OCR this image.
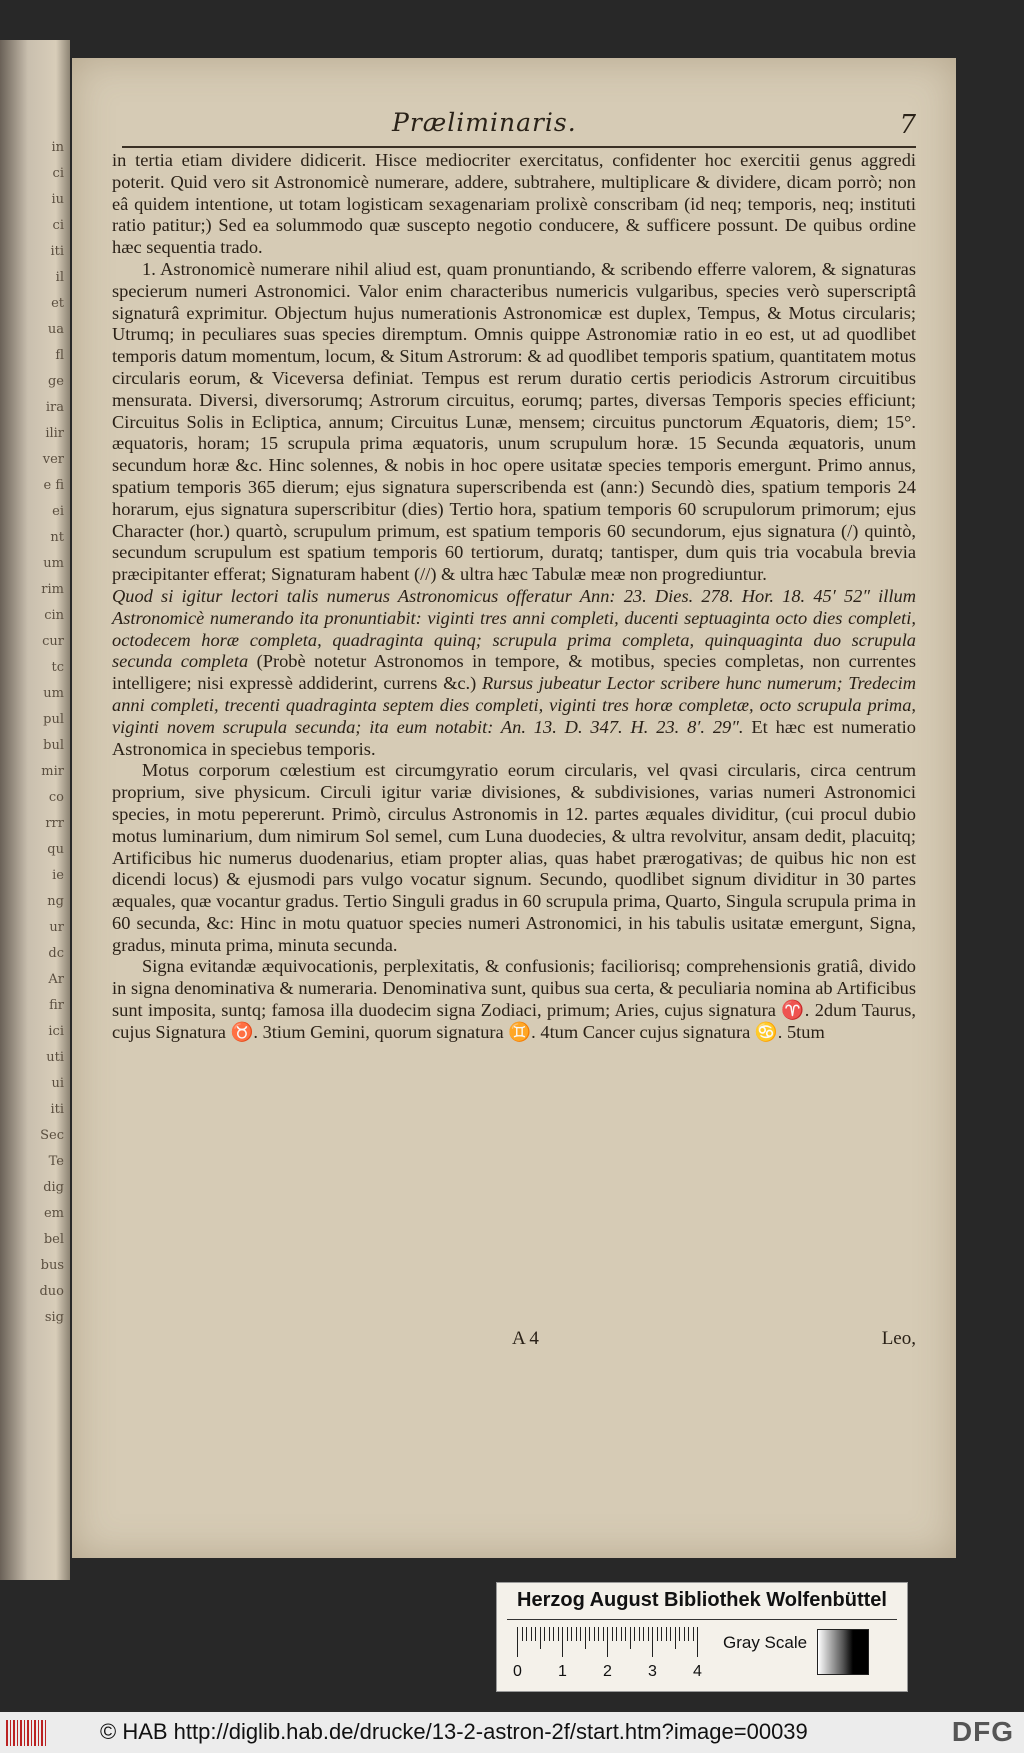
in
ci
iu
ci
iti
il
et
ua
fl
ge
ira
ilir
ver
e fi
ei
nt
um
rim
cin
cur
tc
um
pul
bul
mir
co
rrr
qu
ie
ng
ur
dc
Ar
fir
ici
uti
ui
iti
Sec
Te
dig
em
bel
bus
duo
sig
Præliminaris.	7

in tertia etiam dividere didicerit. Hisce mediocriter exercitatus, confidenter hoc exercitii genus aggredi poterit. Quid vero sit Astronomicè numerare, addere, subtrahere, multiplicare & dividere, dicam porrò; non eâ quidem intentione, ut totam logisticam sexagenariam prolixè conscribam (id neq; temporis, neq; instituti ratio patitur;) Sed ea solummodo quæ suscepto negotio conducere, & sufficere possunt. De quibus ordine hæc sequentia trado.

1. Astronomicè numerare nihil aliud est, quam pronuntiando, & scribendo efferre valorem, & signaturas specierum numeri Astronomici. Valor enim characteribus numericis vulgaribus, species verò superscriptâ signaturâ exprimitur. Objectum hujus numerationis Astronomicæ est duplex, Tempus, & Motus circularis; Utrumq; in peculiares suas species diremptum. Omnis quippe Astronomiæ ratio in eo est, ut ad quodlibet temporis datum momentum, locum, & Situm Astrorum: & ad quodlibet temporis spatium, quantitatem motus circularis eorum, & Viceversa definiat. Tempus est rerum duratio certis periodicis Astrorum circuitibus mensurata. Diversi, diversorumq; Astrorum circuitus, eorumq; partes, diversas Temporis species efficiunt; Circuitus Solis in Ecliptica, annum; Circuitus Lunæ, mensem; circuitus punctorum Æquatoris, diem; 15°. æquatoris, horam; 15 scrupula prima æquatoris, unum scrupulum horæ. 15 Secunda æquatoris, unum secundum horæ &c. Hinc solennes, & nobis in hoc opere usitatæ species temporis emergunt. Primo annus, spatium temporis 365 dierum; ejus signatura superscribenda est (ann:) Secundò dies, spatium temporis 24 horarum, ejus signatura superscribitur (dies) Tertio hora, spatium temporis 60 scrupulorum primorum; ejus Character (hor.) quartò, scrupulum primum, est spatium temporis 60 secundorum, ejus signatura (/) quintò, secundum scrupulum est spatium temporis 60 tertiorum, duratq; tantisper, dum quis tria vocabula brevia præcipitanter efferat; Signaturam habent (//) & ultra hæc Tabulæ meæ non progrediuntur.

Quod si igitur lectori talis numerus Astronomicus offeratur Ann: 23. Dies. 278. Hor. 18. 45′ 52″ illum Astronomicè numerando ita pronuntiabit: viginti tres anni completi, ducenti septuaginta octo dies completi, octodecem horæ completa, quadraginta quinq; scrupula prima completa, quinquaginta duo scrupula secunda completa (Probè notetur Astronomos in tempore, & motibus, species completas, non currentes intelligere; nisi expressè addiderint, currens &c.) Rursus jubeatur Lector scribere hunc numerum; Tredecim anni completi, trecenti quadraginta septem dies completi, viginti tres horæ completæ, octo scrupula prima, viginti novem scrupula secunda; ita eum notabit: An. 13. D. 347. H. 23. 8′. 29″. Et hæc est numeratio Astronomica in speciebus temporis.

Motus corporum cœlestium est circumgyratio eorum circularis, vel qvasi circularis, circa centrum proprium, sive physicum. Circuli igitur variæ divisiones, & subdivisiones, varias numeri Astronomici species, in motu pepererunt. Primò, circulus Astronomis in 12. partes æquales dividitur, (cui procul dubio motus luminarium, dum nimirum Sol semel, cum Luna duodecies, & ultra revolvitur, ansam dedit, placuitq; Artificibus hic numerus duodenarius, etiam propter alias, quas habet prærogativas; de quibus hic non est dicendi locus) & ejusmodi pars vulgo vocatur signum. Secundo, quodlibet signum dividitur in 30 partes æquales, quæ vocantur gradus. Tertio Singuli gradus in 60 scrupula prima, Quarto, Singula scrupula prima in 60 secunda, &c: Hinc in motu quatuor species numeri Astronomici, in his tabulis usitatæ emergunt, Signa, gradus, minuta prima, minuta secunda.

Signa evitandæ æquivocationis, perplexitatis, & confusionis; faciliorisq; comprehensionis gratiâ, divido in signa denominativa & numeraria. Denominativa sunt, quibus sua certa, & peculiaria nomina ab Artificibus sunt imposita, suntq; famosa illa duodecim signa Zodiaci, primum; Aries, cujus signatura ♈. 2dum Taurus, cujus Signatura ♉. 3tium Gemini, quorum signatura ♊. 4tum Cancer cujus signatura ♋. 5tum

A 4	Leo,
Herzog August Bibliothek Wolfenbüttel
0 1 2 3 4
Gray Scale
© HAB http://diglib.hab.de/drucke/13-2-astron-2f/start.htm?image=00039	DFG
